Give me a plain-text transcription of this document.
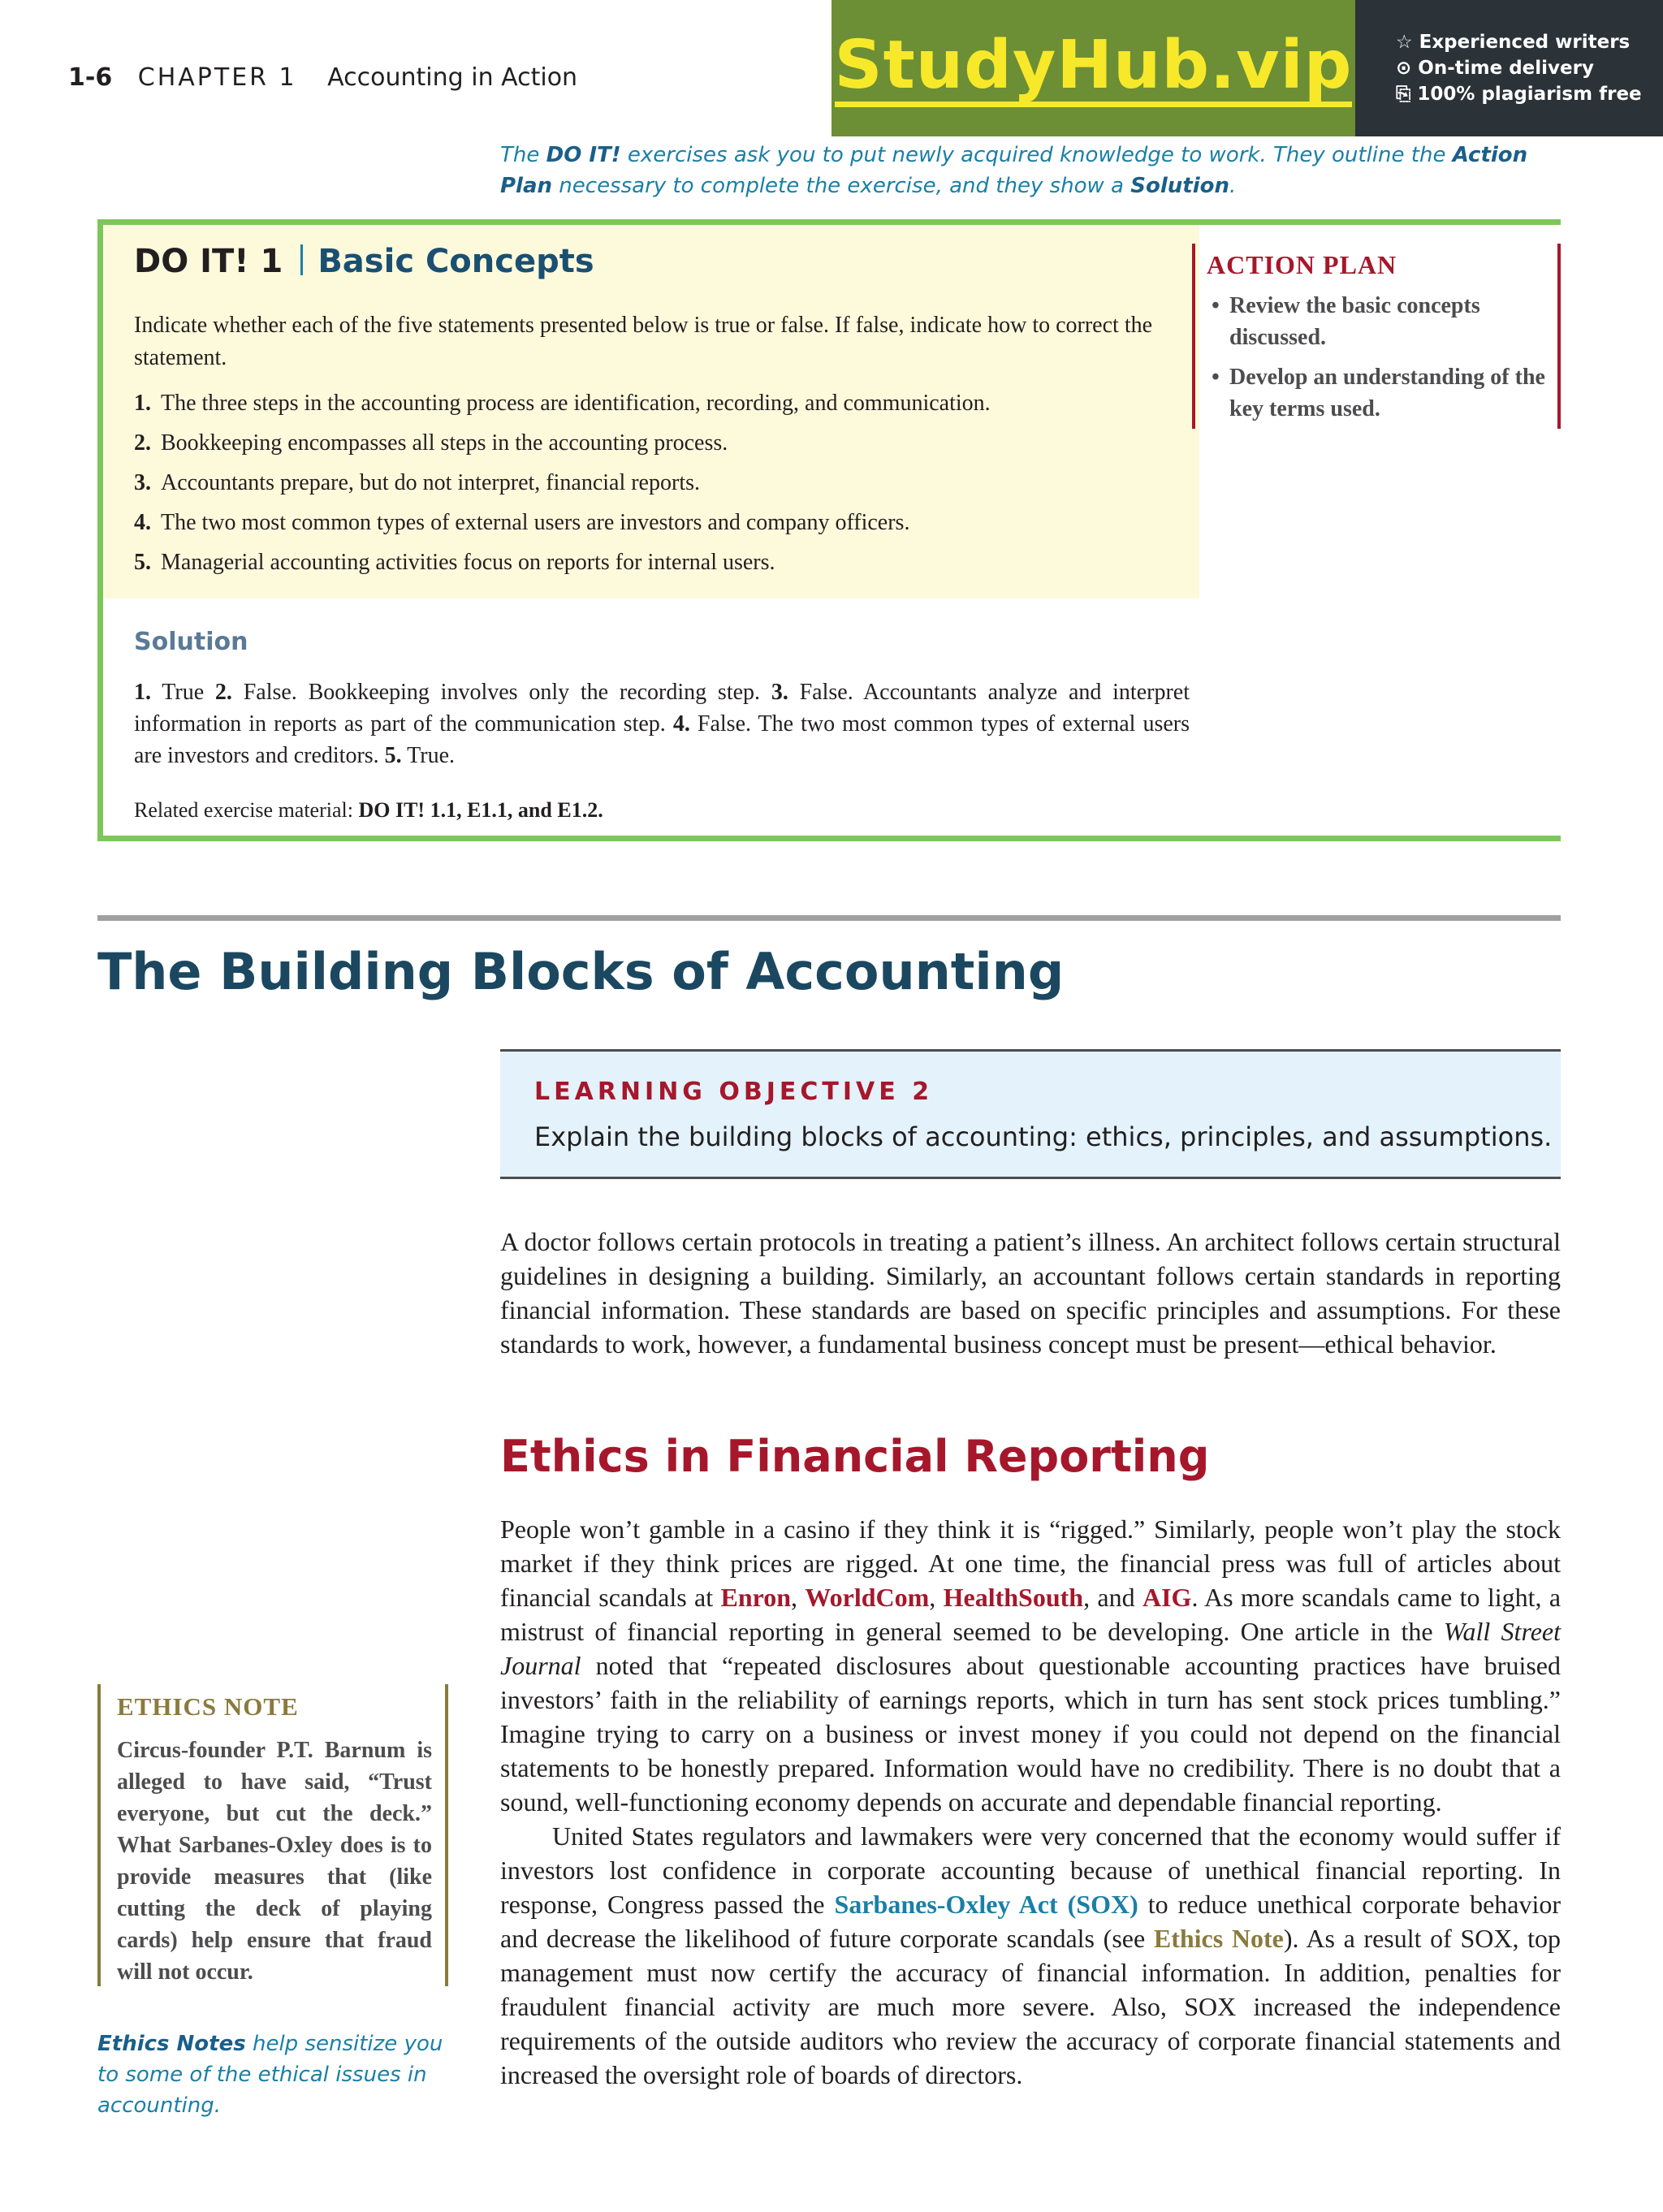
1-6 CHAPTER 1 Accounting in Action	StudyHub.vip ☆ Experienced writers
⊙ On-time delivery
⎘ 100% plagiarism free
The DO IT! exercises ask you to put newly acquired knowledge to work. They outline the Action Plan necessary to complete the exercise, and they show a Solution.
DO IT! 1 Basic Concepts
Indicate whether each of the five statements presented below is true or false. If false, indicate how to correct the statement.
1. The three steps in the accounting process are identification, recording, and communication.
2. Bookkeeping encompasses all steps in the accounting process.
3. Accountants prepare, but do not interpret, financial reports.
4. The two most common types of external users are investors and company officers.
5. Managerial accounting activities focus on reports for internal users.
Solution
1. True 2. False. Bookkeeping involves only the recording step. 3. False. Accountants analyze and interpret information in reports as part of the communication step. 4. False. The two most common types of external users are investors and creditors. 5. True.
Related exercise material: DO IT! 1.1, E1.1, and E1.2.
ACTION PLAN
• Review the basic concepts discussed.
• Develop an understanding of the key terms used.
The Building Blocks of Accounting
LEARNING OBJECTIVE 2
Explain the building blocks of accounting: ethics, principles, and assumptions.
A doctor follows certain protocols in treating a patient’s illness. An architect follows certain structural guidelines in designing a building. Similarly, an accountant follows certain standards in reporting financial information. These standards are based on specific principles and assumptions. For these standards to work, however, a fundamental business concept must be present—ethical behavior.
Ethics in Financial Reporting
People won’t gamble in a casino if they think it is “rigged.” Similarly, people won’t play the stock market if they think prices are rigged. At one time, the financial press was full of articles about financial scandals at Enron, WorldCom, HealthSouth, and AIG. As more scandals came to light, a mistrust of financial reporting in general seemed to be developing. One article in the Wall Street Journal noted that “repeated disclosures about questionable accounting practices have bruised investors’ faith in the reliability of earnings reports, which in turn has sent stock prices tumbling.” Imagine trying to carry on a business or invest money if you could not depend on the financial statements to be honestly prepared. Information would have no credibility. There is no doubt that a sound, well-functioning economy depends on accurate and dependable financial reporting.
United States regulators and lawmakers were very concerned that the economy would suffer if investors lost confidence in corporate accounting because of unethical financial reporting. In response, Congress passed the Sarbanes-Oxley Act (SOX) to reduce unethical corporate behavior and decrease the likelihood of future corporate scandals (see Ethics Note). As a result of SOX, top management must now certify the accuracy of financial information. In addition, penalties for fraudulent financial activity are much more severe. Also, SOX increased the independence requirements of the outside auditors who review the accuracy of corporate financial statements and increased the oversight role of boards of directors.
ETHICS NOTE
Circus-founder P.T. Barnum is alleged to have said, “Trust everyone, but cut the deck.” What Sarbanes-Oxley does is to provide measures that (like cutting the deck of playing cards) help ensure that fraud will not occur.
Ethics Notes help sensitize you to some of the ethical issues in accounting.
